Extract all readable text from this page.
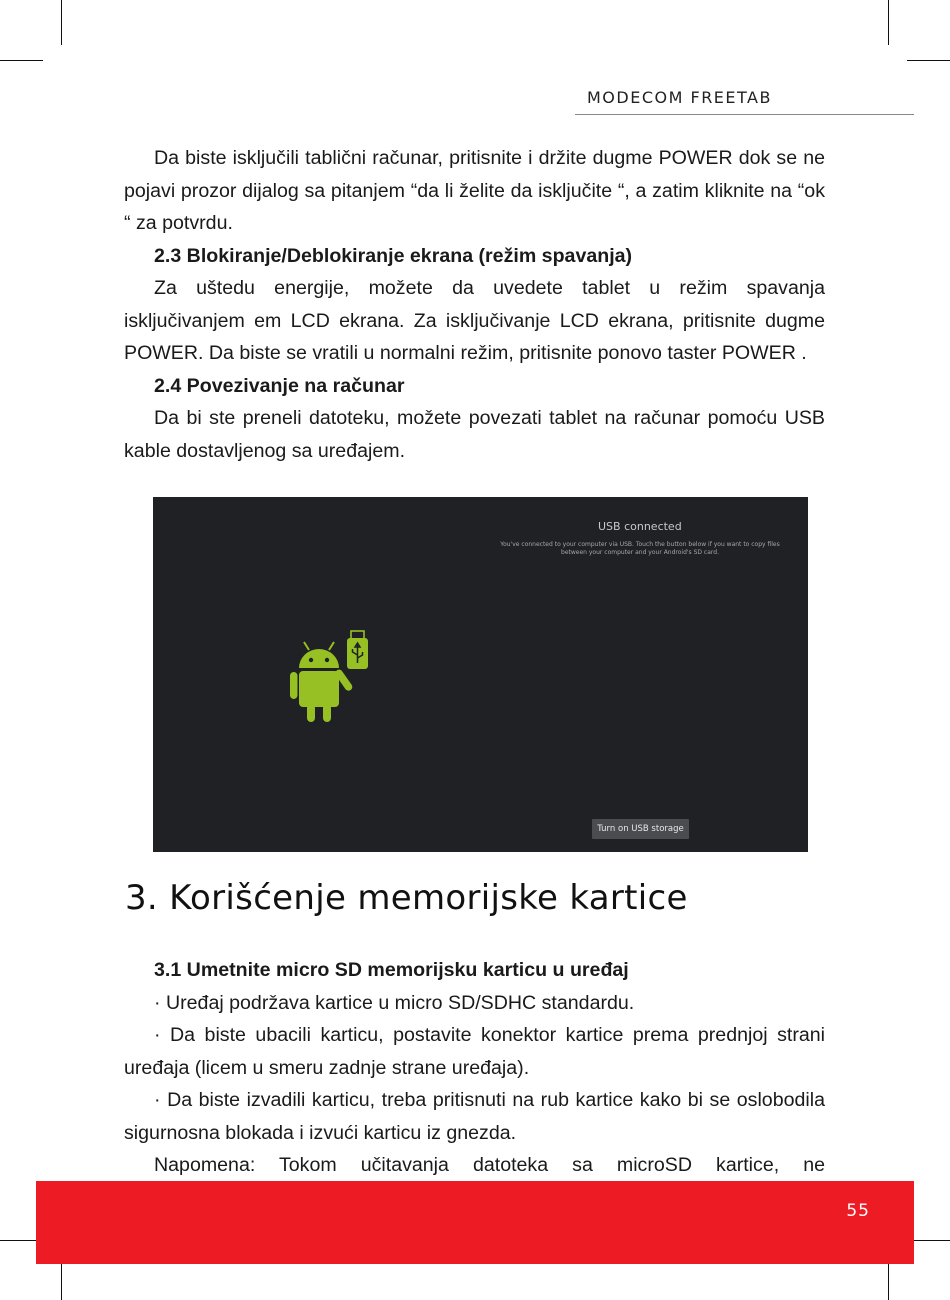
MODECOM FREETAB

Da biste isključili tablični računar, pritisnite i držite dugme POWER dok se ne pojavi prozor dijalog sa pitanjem “da li želite da isključite “, a zatim kliknite na “ok “ za potvrdu.

2.3 Blokiranje/Deblokiranje ekrana (režim spavanja)

Za uštedu energije, možete da uvedete tablet u režim spavanja isključivanjem em LCD ekrana. Za isključivanje LCD ekrana, pritisnite dugme POWER. Da biste se vratili u normalni režim, pritisnite ponovo taster POWER .

2.4 Povezivanje na računar

Da bi ste preneli datoteku, možete povezati tablet na računar pomoću USB kable dostavljenog sa uređajem.

USB connected
You've connected to your computer via USB. Touch the button below if you want to copy files between your computer and your Android's SD card.
Turn on USB storage
3. Korišćenje memorijske kartice

3.1 Umetnite micro SD memorijsku karticu u uređaj

· Uređaj podržava kartice u micro SD/SDHC standardu.

· Da biste ubacili karticu, postavite konektor kartice prema prednjoj strani uređaja (licem u smeru zadnje strane uređaja).

· Da biste izvadili karticu, treba pritisnuti na rub kartice kako bi se oslobodila sigurnosna blokada i izvući karticu iz gnezda.

Napomena: Tokom učitavanja datoteka sa microSD kartice, ne

55
